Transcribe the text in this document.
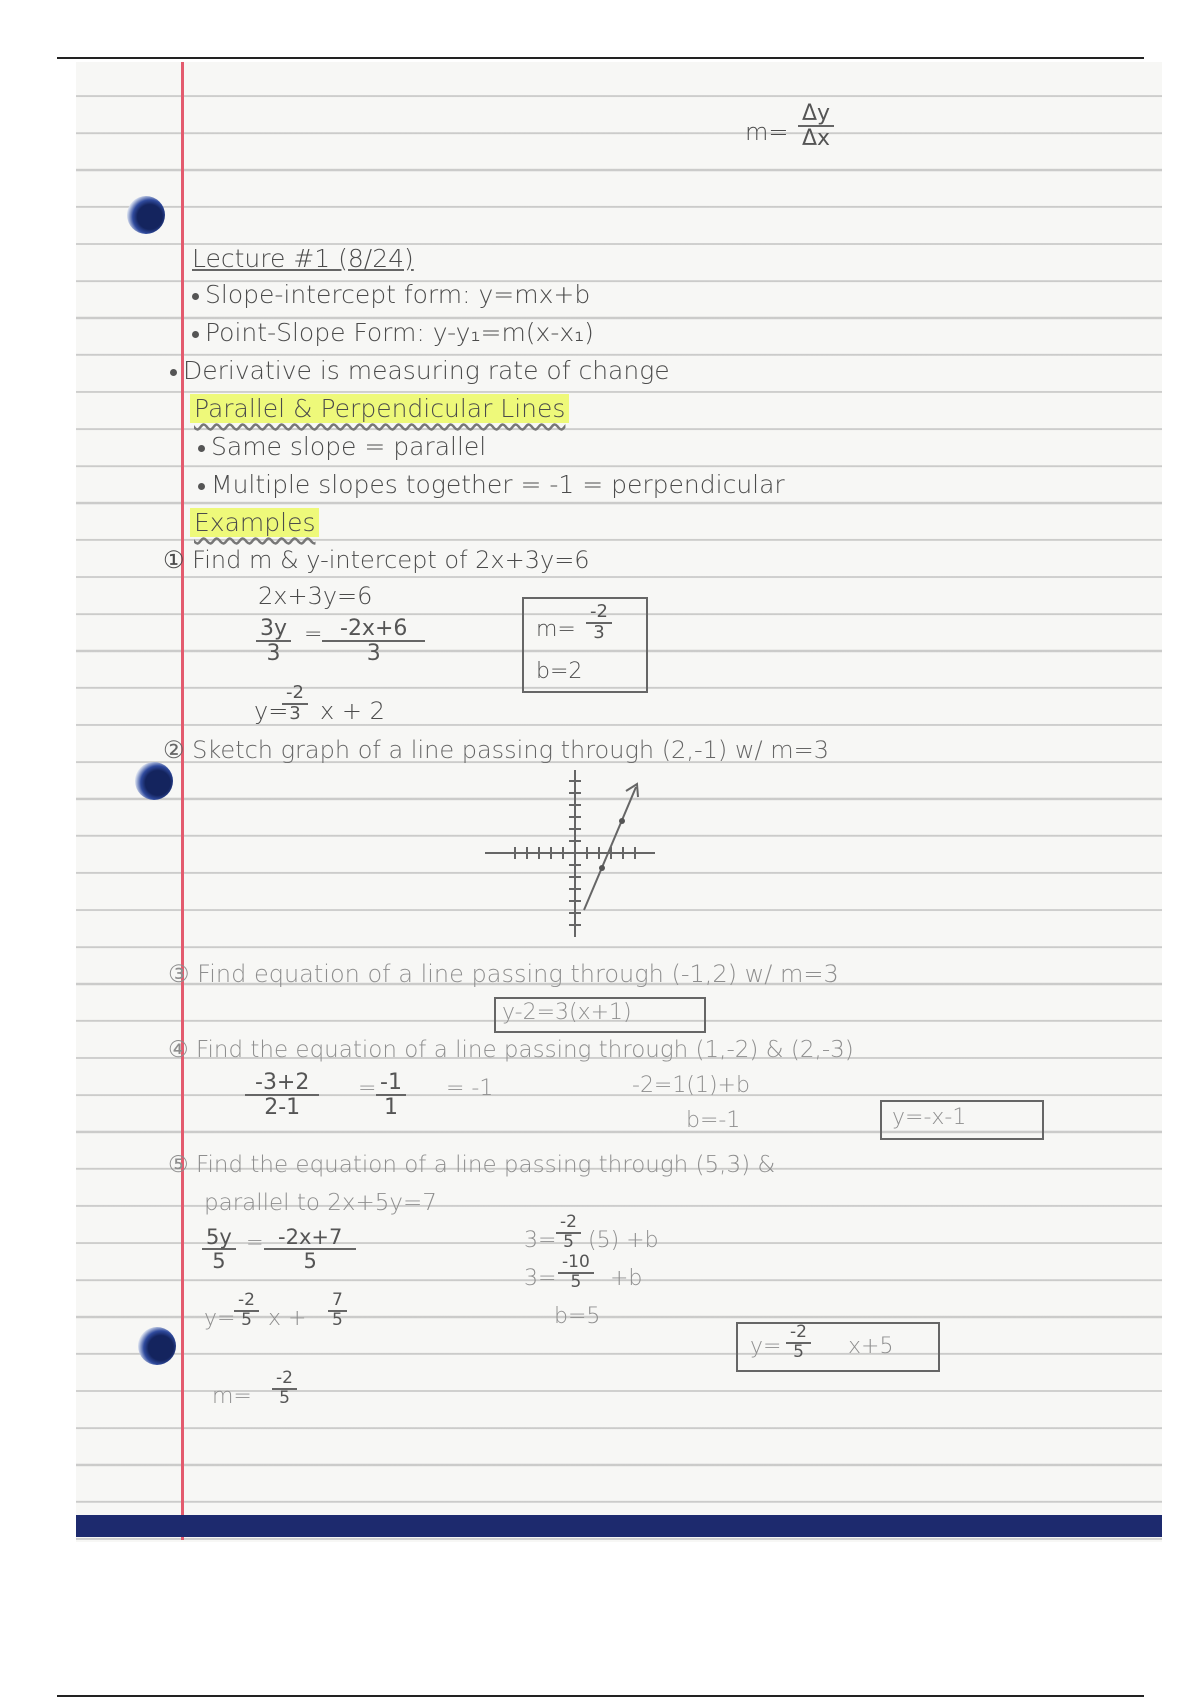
$m= \frac{\Delta y}{\Delta x}$
Lecture #1 (8/24)
Slope-intercept form: y=mx+b
Point-Slope Form: y-y₁=m(x-x₁)
Derivative is measuring rate of change
Parallel & Perpendicular Lines
Same slope = parallel
Multiple slopes together = -1 = perpendicular
Examples
① Find m & y-intercept of 2x+3y=6
2x+3y=6
$\frac{3y}{3} = \frac{-2x+6}{3}$
y=
$\frac{-2}{3}$ x + 2
$m= \frac{-2}{3}$
b=2
② Sketch graph of a line passing through (2,-1) w/ m=3
③ Find equation of a line passing through (-1,2) w/ m=3
y-2=3(x+1)
④ Find the equation of a line passing through (1,-2) & (2,-3)
$\frac{-3+2}{2-1} = \frac{-1}{1} = -1$	-2=1(1)+b
b=-1	y=-x-1
⑤ Find the equation of a line passing through (5,3) &
parallel to 2x+5y=7
$\frac{5y}{5} = \frac{-2x+7}{5}$
y=
$\frac{-2}{5}$ $x + \frac{7}{5}$
$m= \frac{-2}{5}$
$3= \frac{-2}{5} (5) +b$
$3= \frac{-10}{5} +b$
b=5
$y= \frac{-2}{5} x+5$
